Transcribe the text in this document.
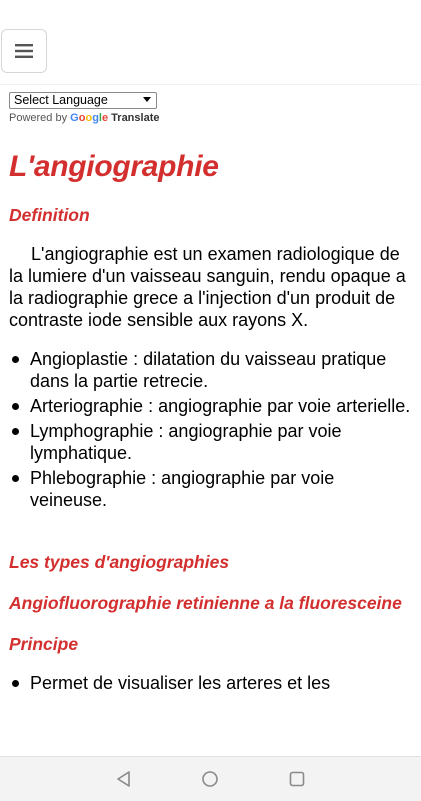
Select Language
Powered by Google Translate
L'angiographie

Definition

L'angiographie est un examen radiologique de la lumiere d'un vaisseau sanguin, rendu opaque a la radiographie grece a l'injection d'un produit de contraste iode sensible aux rayons X.

Angioplastie : dilatation du vaisseau pratique dans la partie retrecie.
Arteriographie : angiographie par voie arterielle.
Lymphographie : angiographie par voie lymphatique.
Phlebographie : angiographie par voie veineuse.

Les types d'angiographies

Angiofluorographie retinienne a la fluoresceine

Principe

Permet de visualiser les arteres et les
